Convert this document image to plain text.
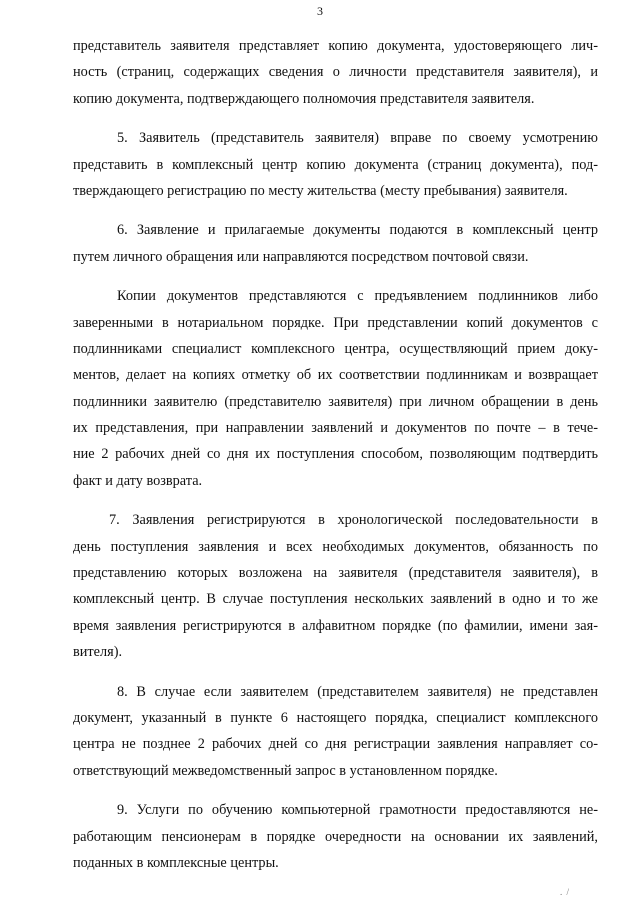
3
представитель заявителя представляет копию документа, удостоверяющего лич-
ность (страниц, содержащих сведения о личности представителя заявителя), и
копию документа, подтверждающего полномочия представителя заявителя.
5. Заявитель (представитель заявителя) вправе по своему усмотрению
представить в комплексный центр копию документа (страниц документа), под-
тверждающего регистрацию по месту жительства (месту пребывания) заявителя.
6. Заявление и прилагаемые документы подаются в комплексный центр
путем личного обращения или направляются посредством почтовой связи.
Копии документов представляются с предъявлением подлинников либо
заверенными в нотариальном порядке. При представлении копий документов с
подлинниками специалист комплексного центра, осуществляющий прием доку-
ментов, делает на копиях отметку об их соответствии подлинникам и возвращает
подлинники заявителю (представителю заявителя) при личном обращении в день
их представления, при направлении заявлений и документов по почте – в тече-
ние 2 рабочих дней со дня их поступления способом, позволяющим подтвердить
факт и дату возврата.
7. Заявления регистрируются в хронологической последовательности в
день поступления заявления и всех необходимых документов, обязанность по
представлению которых возложена на заявителя (представителя заявителя), в
комплексный центр. В случае поступления нескольких заявлений в одно и то же
время заявления регистрируются в алфавитном порядке (по фамилии, имени зая-
вителя).
8. В случае если заявителем (представителем заявителя) не представлен
документ, указанный в пункте 6 настоящего порядка, специалист комплексного
центра не позднее 2 рабочих дней со дня регистрации заявления направляет со-
ответствующий межведомственный запрос в установленном порядке.
9. Услуги по обучению компьютерной грамотности предоставляются не-
работающим пенсионерам в порядке очередности на основании их заявлений,
поданных в комплексные центры.
. /
